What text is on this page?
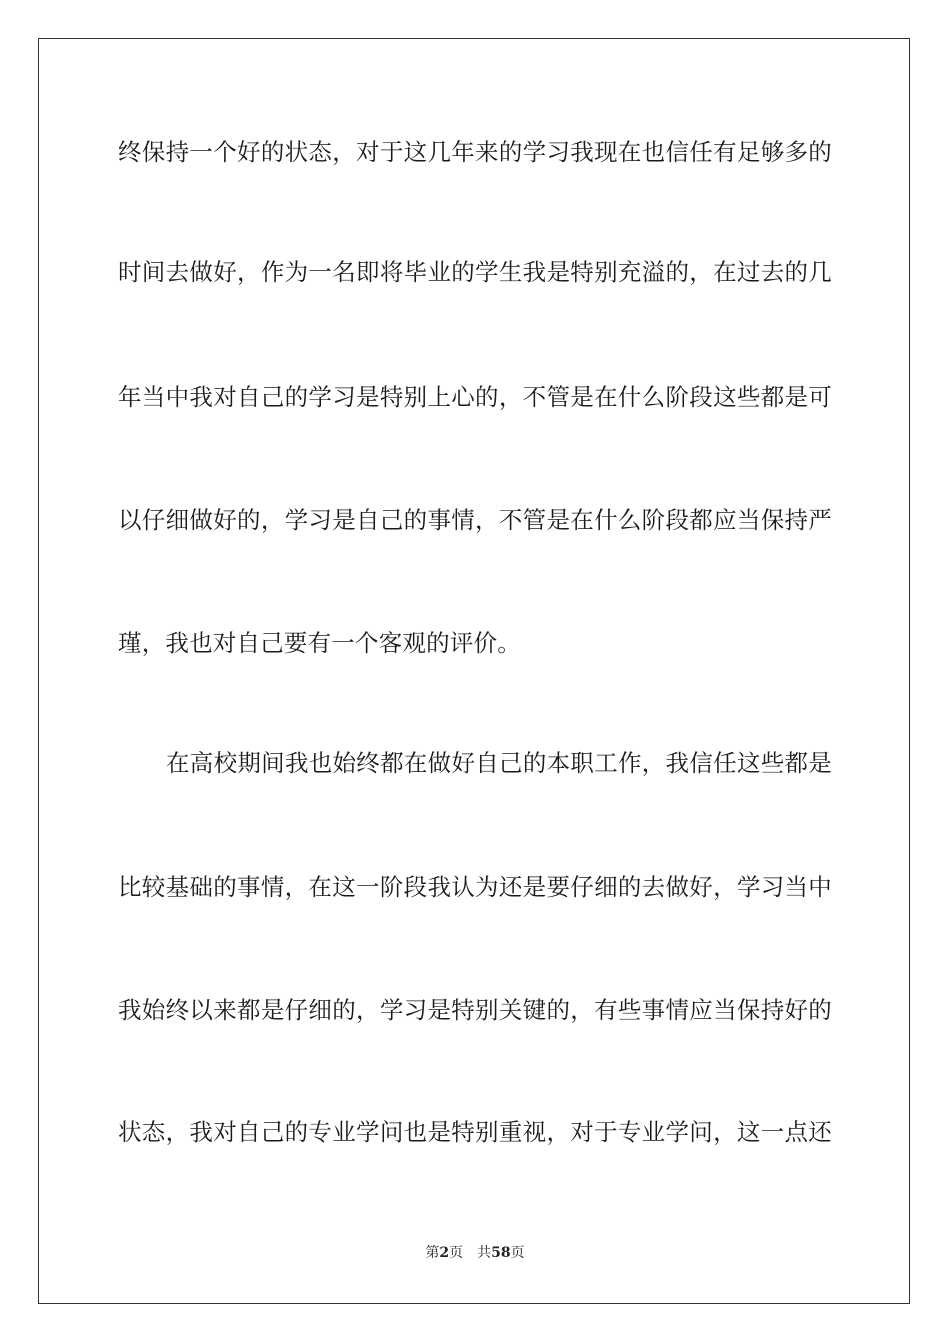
终保持一个好的状态，对于这几年来的学习我现在也信任有足够多的
时间去做好，作为一名即将毕业的学生我是特别充溢的，在过去的几
年当中我对自己的学习是特别上心的，不管是在什么阶段这些都是可
以仔细做好的，学习是自己的事情，不管是在什么阶段都应当保持严
瑾，我也对自己要有一个客观的评价。
在高校期间我也始终都在做好自己的本职工作，我信任这些都是
比较基础的事情，在这一阶段我认为还是要仔细的去做好，学习当中
我始终以来都是仔细的，学习是特别关键的，有些事情应当保持好的
状态，我对自己的专业学问也是特别重视，对于专业学问，这一点还
第2页 共58页
